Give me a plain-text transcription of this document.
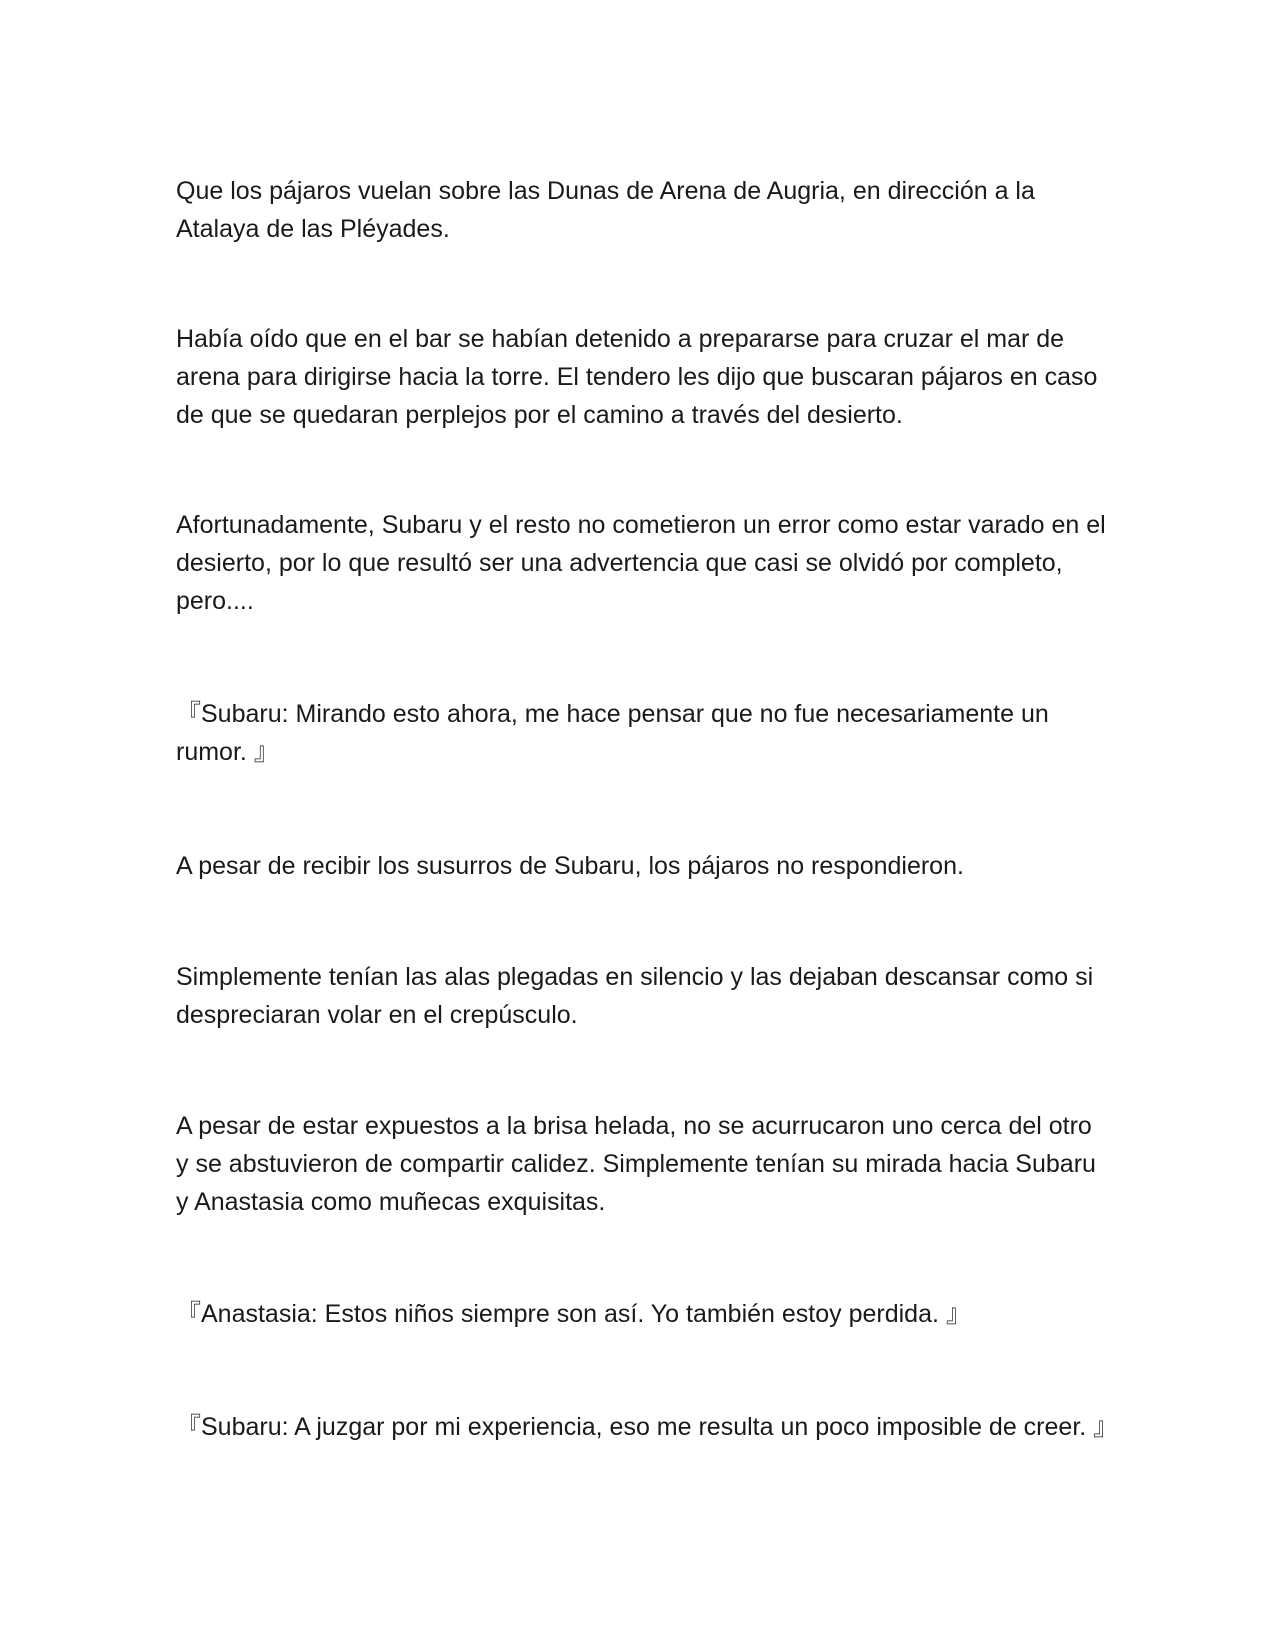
Que los pájaros vuelan sobre las Dunas de Arena de Augria, en dirección a la Atalaya de las Pléyades.

Había oído que en el bar se habían detenido a prepararse para cruzar el mar de arena para dirigirse hacia la torre. El tendero les dijo que buscaran pájaros en caso de que se quedaran perplejos por el camino a través del desierto.

Afortunadamente, Subaru y el resto no cometieron un error como estar varado en el desierto, por lo que resultó ser una advertencia que casi se olvidó por completo, pero....

『Subaru: Mirando esto ahora, me hace pensar que no fue necesariamente un rumor. 』

A pesar de recibir los susurros de Subaru, los pájaros no respondieron.

Simplemente tenían las alas plegadas en silencio y las dejaban descansar como si despreciaran volar en el crepúsculo.

A pesar de estar expuestos a la brisa helada, no se acurrucaron uno cerca del otro y se abstuvieron de compartir calidez. Simplemente tenían su mirada hacia Subaru y Anastasia como muñecas exquisitas.

『Anastasia: Estos niños siempre son así. Yo también estoy perdida. 』

『Subaru: A juzgar por mi experiencia, eso me resulta un poco imposible de creer. 』
